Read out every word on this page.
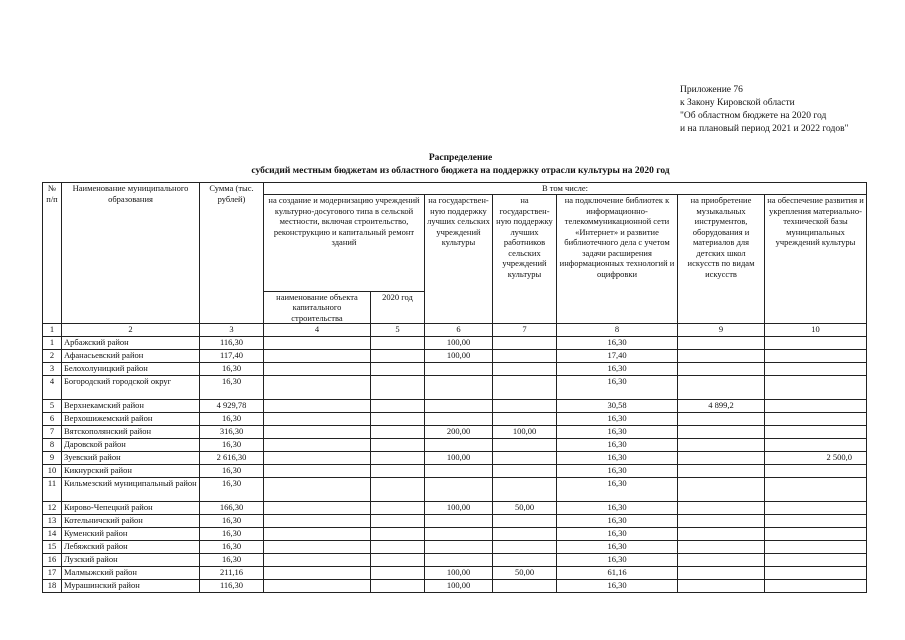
Приложение 76
к Закону Кировской области
"Об областном бюджете на 2020 год
и на плановый период 2021 и 2022 годов"
Распределение
субсидий местным бюджетам из областного бюджета на поддержку отрасли культуры на 2020 год
№ п/п	Наименование муниципального образования	Сумма (тыс. рублей)	В том числе:						
			на создание и модернизацию учреждений культурно-досугового типа в сельской местности, включая строительство, реконструкцию и капитальный ремонт зданий		на государствен-ную поддержку лучших сельских учреждений культуры	на государствен-ную поддержку лучших работников сельских учреждений культуры	на подключение библиотек к информационно-телекоммуникационной сети «Интернет» и развитие библиотечного дела с учетом задачи расширения информационных технологий и оцифровки	на приобретение музыкальных инструментов, оборудования и материалов для детских школ искусств по видам искусств	на обеспечение развития и укрепления материально-технической базы муниципальных учреждений культуры
			наименование объекта капитального строительства	2020 год					
1	2	3	4	5	6	7	8	9	10
1	Арбажский район	116,30			100,00		16,30		
2	Афанасьевский район	117,40			100,00		17,40		
3	Белохолуницкий район	16,30					16,30		
4	Богородский городской округ	16,30					16,30		
5	Верхнекамский район	4 929,78					30,58	4 899,2	
6	Верхошижемский район	16,30					16,30		
7	Вятскополянский район	316,30			200,00	100,00	16,30		
8	Даровской район	16,30					16,30		
9	Зуевский район	2 616,30			100,00		16,30		2 500,0
10	Кикнурский район	16,30					16,30		
11	Кильмезский муниципальный район	16,30					16,30		
12	Кирово-Чепецкий район	166,30			100,00	50,00	16,30		
13	Котельничский район	16,30					16,30		
14	Куменский район	16,30					16,30		
15	Лебяжский район	16,30					16,30		
16	Лузский район	16,30					16,30		
17	Малмыжский район	211,16			100,00	50,00	61,16		
18	Мурашинский район	116,30			100,00		16,30		
